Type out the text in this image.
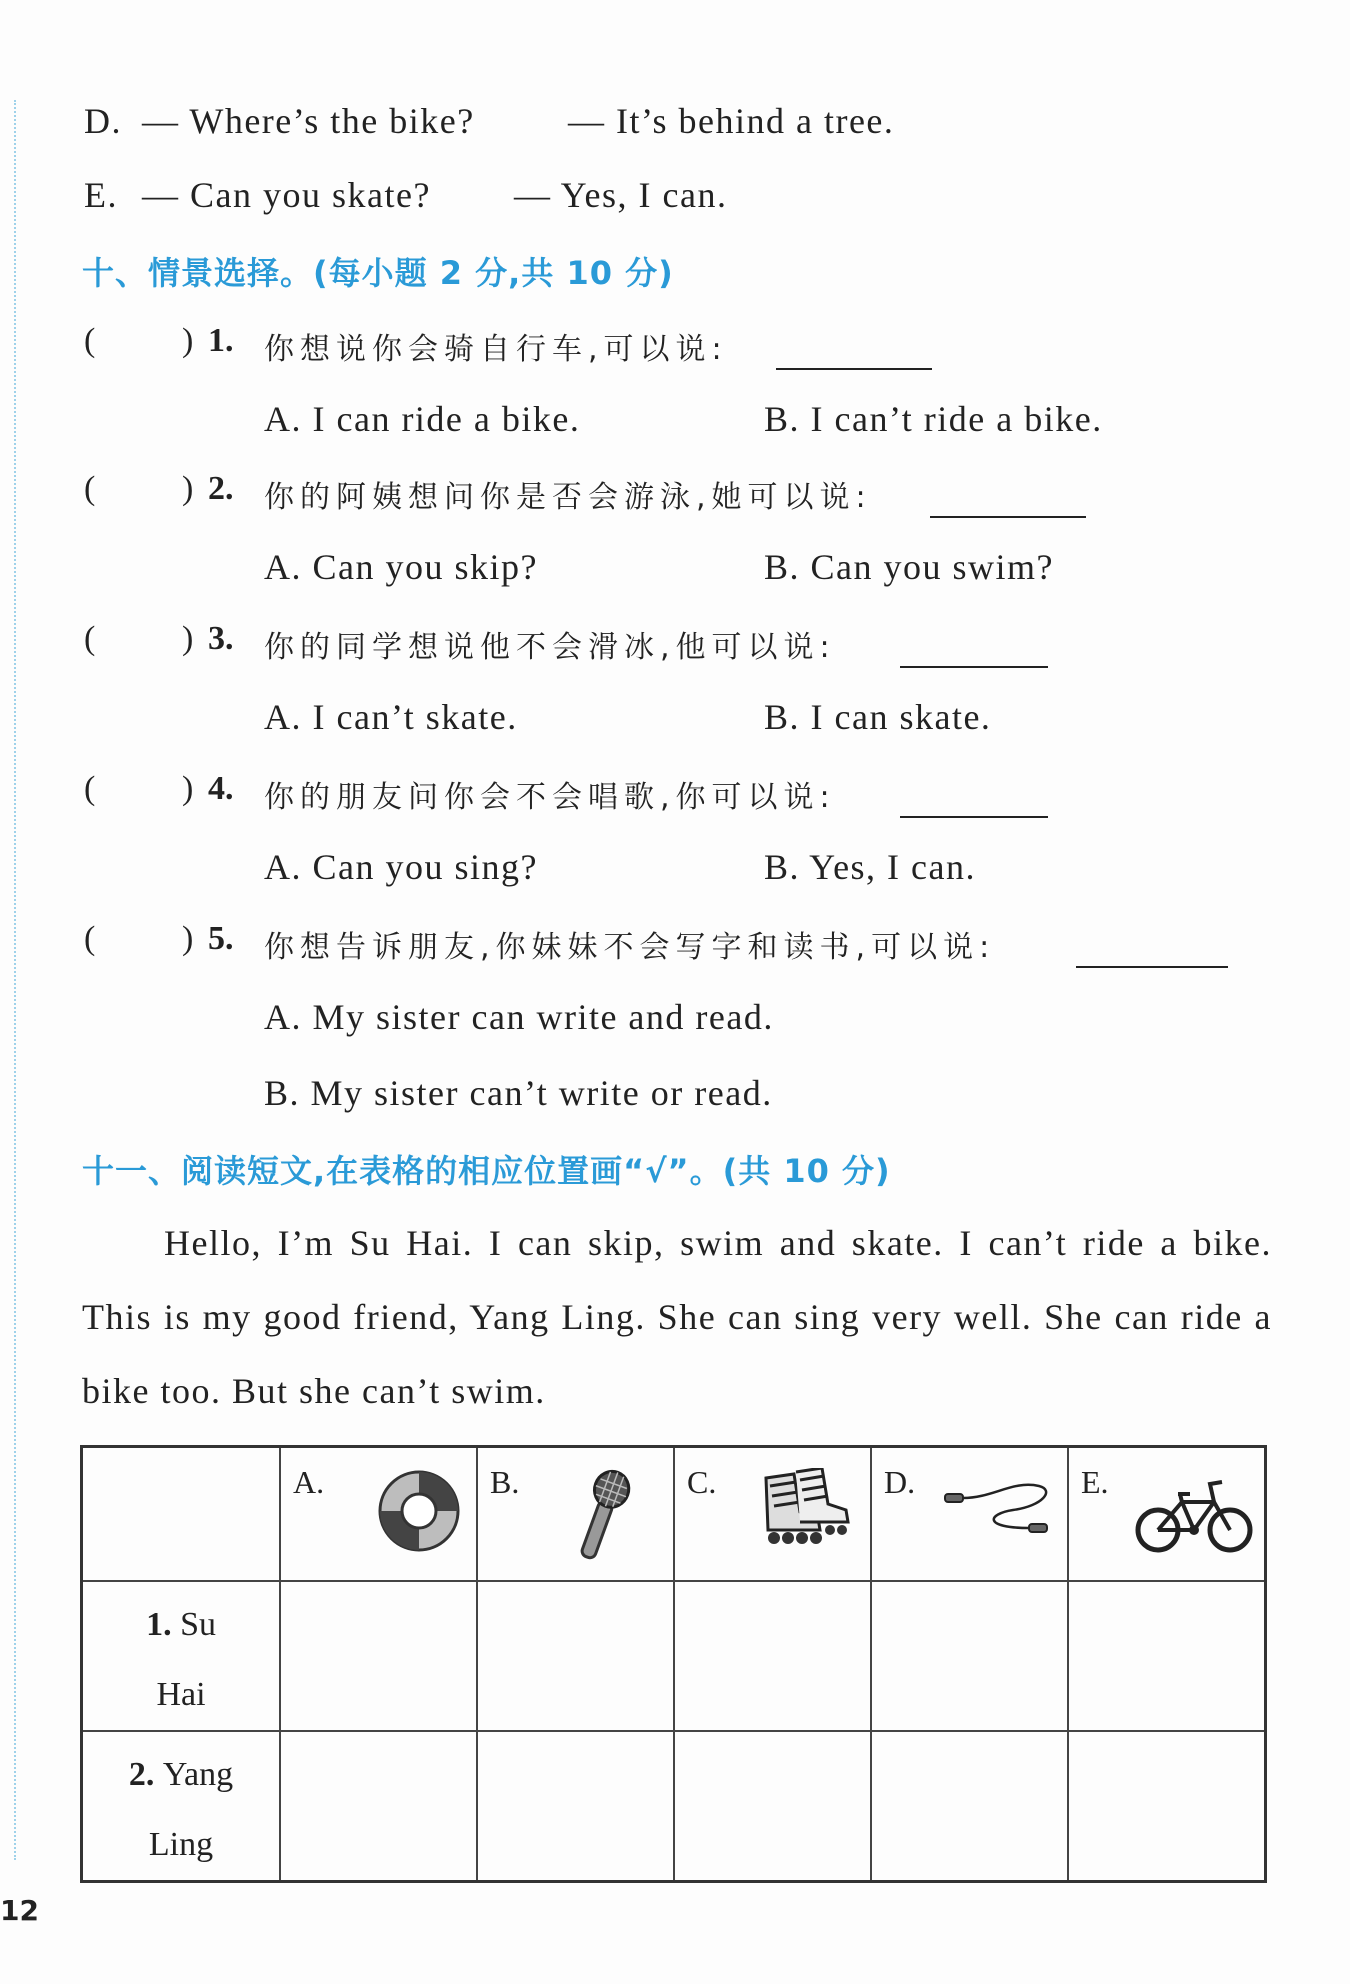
D. — Where’s the bike?	— It’s behind a tree.
E. — Can you skate? — Yes, I can.
十、情景选择。(每小题 2 分,共 10 分)
(	) 1. 你想说你会骑自行车,可以说:
A. I can ride a bike.	B. I can’t ride a bike.
(	) 2. 你的阿姨想问你是否会游泳,她可以说:
A. Can you skip?	B. Can you swim?
(	) 3. 你的同学想说他不会滑冰,他可以说:
A. I can’t skate.	B. I can skate.
(	) 4. 你的朋友问你会不会唱歌,你可以说:
A. Can you sing?	B. Yes, I can.
(	) 5. 你想告诉朋友,你妹妹不会写字和读书,可以说:
A. My sister can write and read.
B. My sister can’t write or read.
十一、阅读短文,在表格的相应位置画“√”。(共 10 分)

Hello, I’m Su Hai. I can skip, swim and skate. I can’t ride a bike. This is my good friend, Yang Ling. She can sing very well. She can ride a bike too. But she can’t swim.

	A.	B.	C.	D.	E.

1. Su
Hai					
2. Yang
Ling					
12
